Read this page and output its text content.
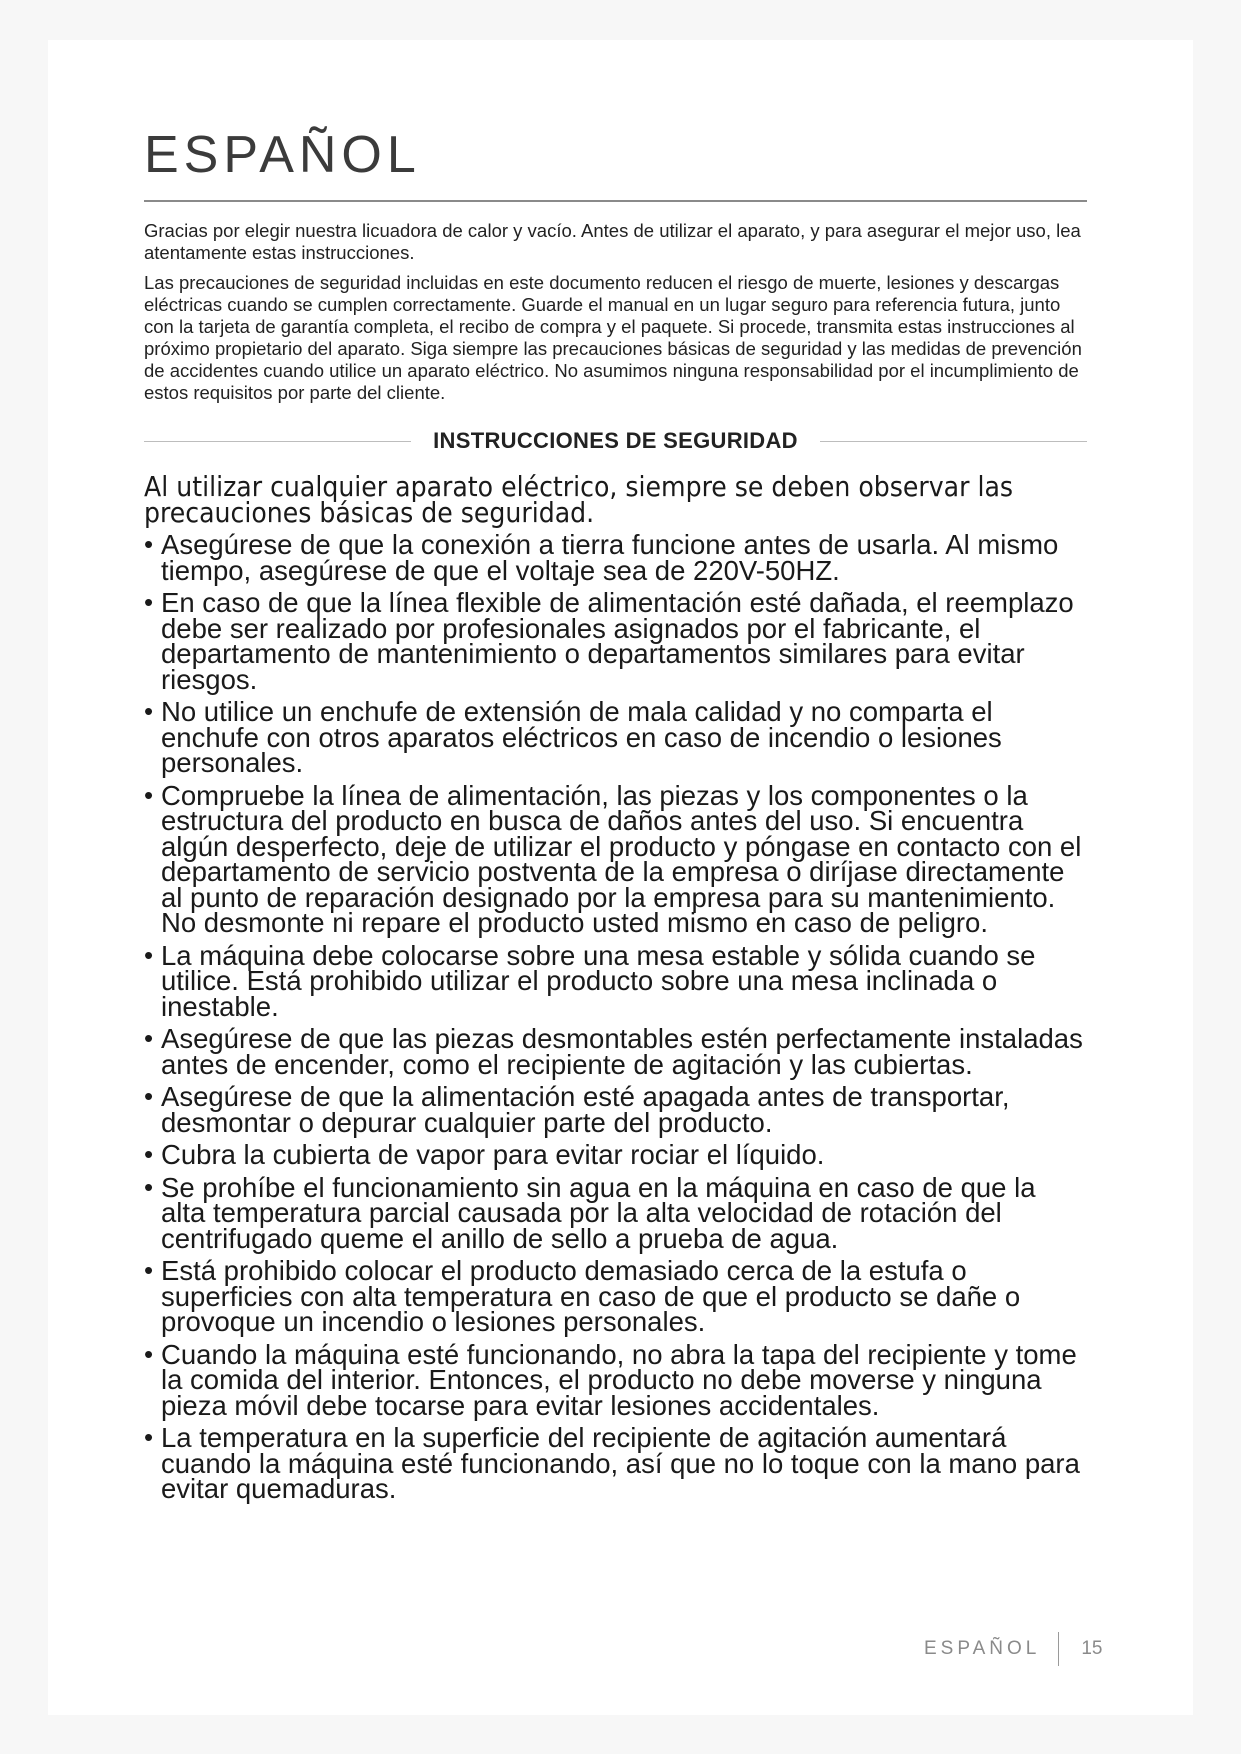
ESPAÑOL

Gracias por elegir nuestra licuadora de calor y vacío. Antes de utilizar el aparato, y para asegurar el mejor uso, lea atentamente estas instrucciones.

Las precauciones de seguridad incluidas en este documento reducen el riesgo de muerte, lesiones y descargas eléctricas cuando se cumplen correctamente. Guarde el manual en un lugar seguro para referencia futura, junto con la tarjeta de garantía completa, el recibo de compra y el paquete. Si procede, transmita estas instrucciones al próximo propietario del aparato. Siga siempre las precauciones básicas de seguridad y las medidas de prevención de accidentes cuando utilice un aparato eléctrico. No asumimos ninguna responsabilidad por el incumplimiento de estos requisitos por parte del cliente.

INSTRUCCIONES DE SEGURIDAD

Al utilizar cualquier aparato eléctrico, siempre se deben observar las precauciones básicas de seguridad.

• Asegúrese de que la conexión a tierra funcione antes de usarla. Al mismo tiempo, asegúrese de que el voltaje sea de 220V-50HZ.
• En caso de que la línea flexible de alimentación esté dañada, el reemplazo debe ser realizado por profesionales asignados por el fabricante, el departamento de mantenimiento o departamentos similares para evitar riesgos.
• No utilice un enchufe de extensión de mala calidad y no comparta el enchufe con otros aparatos eléctricos en caso de incendio o lesiones personales.
• Compruebe la línea de alimentación, las piezas y los componentes o la estructura del producto en busca de daños antes del uso. Si encuentra algún desperfecto, deje de utilizar el producto y póngase en contacto con el departamento de servicio postventa de la empresa o diríjase directamente al punto de reparación designado por la empresa para su mantenimiento. No desmonte ni repare el producto usted mismo en caso de peligro.
• La máquina debe colocarse sobre una mesa estable y sólida cuando se utilice. Está prohibido utilizar el producto sobre una mesa inclinada o inestable.
• Asegúrese de que las piezas desmontables estén perfectamente instaladas antes de encender, como el recipiente de agitación y las cubiertas.
• Asegúrese de que la alimentación esté apagada antes de transportar, desmontar o depurar cualquier parte del producto.
• Cubra la cubierta de vapor para evitar rociar el líquido.
• Se prohíbe el funcionamiento sin agua en la máquina en caso de que la alta temperatura parcial causada por la alta velocidad de rotación del centrifugado queme el anillo de sello a prueba de agua.
• Está prohibido colocar el producto demasiado cerca de la estufa o superficies con alta temperatura en caso de que el producto se dañe o provoque un incendio o lesiones personales.
• Cuando la máquina esté funcionando, no abra la tapa del recipiente y tome la comida del interior. Entonces, el producto no debe moverse y ninguna pieza móvil debe tocarse para evitar lesiones accidentales.
• La temperatura en la superficie del recipiente de agitación aumentará cuando la máquina esté funcionando, así que no lo toque con la mano para evitar quemaduras.
ESPAÑOL 15
